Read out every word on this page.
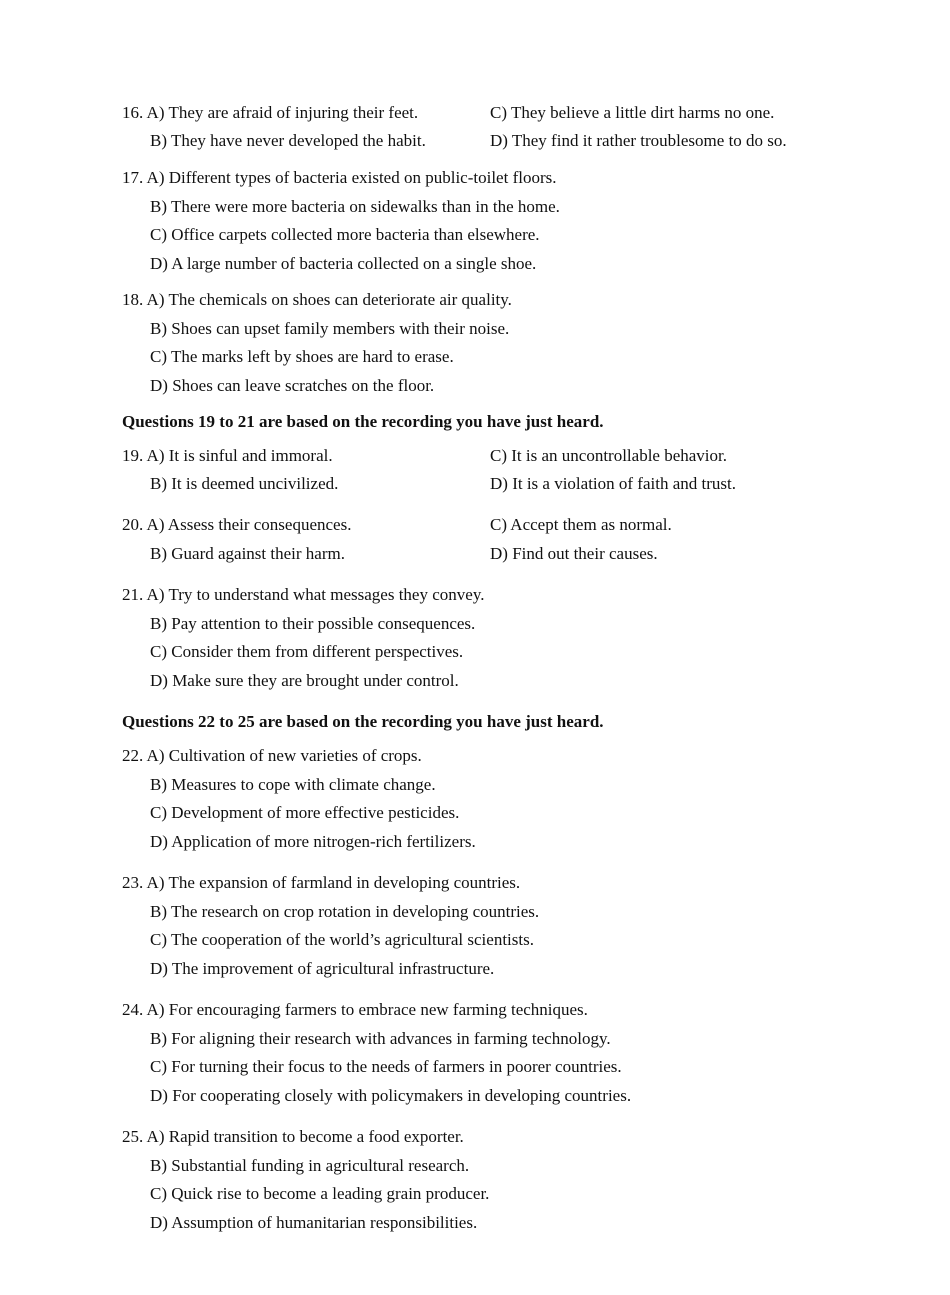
16. A) They are afraid of injuring their feet.	C) They believe a little dirt harms no one.
B) They have never developed the habit.	D) They find it rather troublesome to do so.
17. A) Different types of bacteria existed on public-toilet floors.
B) There were more bacteria on sidewalks than in the home.
C) Office carpets collected more bacteria than elsewhere.
D) A large number of bacteria collected on a single shoe.
18. A) The chemicals on shoes can deteriorate air quality.
B) Shoes can upset family members with their noise.
C) The marks left by shoes are hard to erase.
D) Shoes can leave scratches on the floor.
Questions 19 to 21 are based on the recording you have just heard.
19. A) It is sinful and immoral.	C) It is an uncontrollable behavior.
B) It is deemed uncivilized.	D) It is a violation of faith and trust.
20. A) Assess their consequences.	C) Accept them as normal.
B) Guard against their harm.	D) Find out their causes.
21. A) Try to understand what messages they convey.
B) Pay attention to their possible consequences.
C) Consider them from different perspectives.
D) Make sure they are brought under control.
Questions 22 to 25 are based on the recording you have just heard.
22. A) Cultivation of new varieties of crops.
B) Measures to cope with climate change.
C) Development of more effective pesticides.
D) Application of more nitrogen-rich fertilizers.
23. A) The expansion of farmland in developing countries.
B) The research on crop rotation in developing countries.
C) The cooperation of the world’s agricultural scientists.
D) The improvement of agricultural infrastructure.
24. A) For encouraging farmers to embrace new farming techniques.
B) For aligning their research with advances in farming technology.
C) For turning their focus to the needs of farmers in poorer countries.
D) For cooperating closely with policymakers in developing countries.
25. A) Rapid transition to become a food exporter.
B) Substantial funding in agricultural research.
C) Quick rise to become a leading grain producer.
D) Assumption of humanitarian responsibilities.
